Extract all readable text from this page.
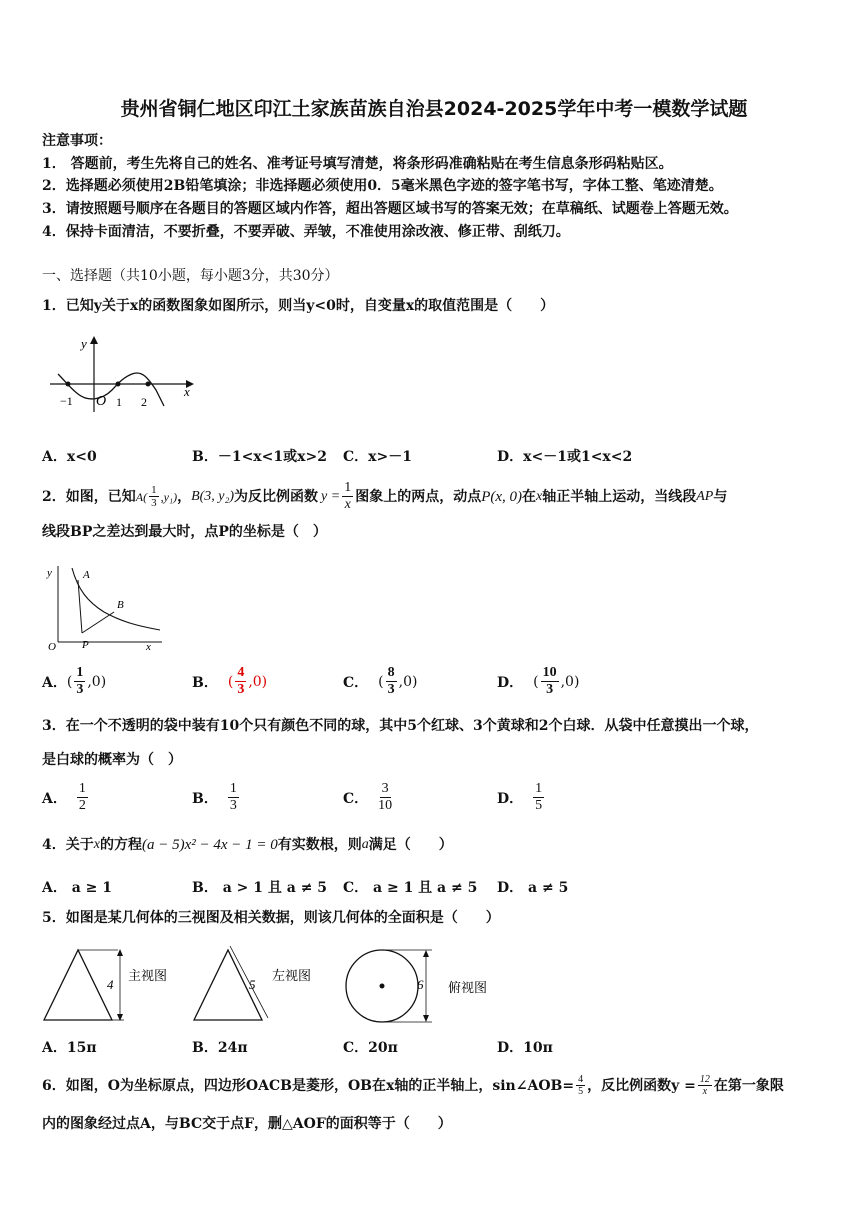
贵州省铜仁地区印江土家族苗族自治县2024-2025学年中考一模数学试题
注意事项：
1． 答题前，考生先将自己的姓名、准考证号填写清楚，将条形码准确粘贴在考生信息条形码粘贴区。
2．选择题必须使用2B铅笔填涂；非选择题必须使用0．5毫米黑色字迹的签字笔书写，字体工整、笔迹清楚。
3．请按照题号顺序在各题目的答题区域内作答，超出答题区域书写的答案无效；在草稿纸、试题卷上答题无效。
4．保持卡面清洁，不要折叠，不要弄破、弄皱，不准使用涂改液、修正带、刮纸刀。
一、选择题（共10小题，每小题3分，共30分）
1．已知y关于x的函数图象如图所示，则当y<0时，自变量x的取值范围是（　　）
y
x
O
−1	1 2
A．x<0	B．－1<x<1或x>2 C．x>－1	D．x<－1或1<x<2
2．如图，已知 $A( \frac{1}{3} ,y_1)$ ， B(3, y₂) 为反比例函数 $y = \frac{1}{x}$ 图象上的两点，动点 P(x, 0) 在 x 轴正半轴上运动，当线段 AP 与
线段BP之差达到最大时，点P的坐标是（　）
y
O	x
A
B
P
A． ( $\frac{1}{3} ,0$)	B． ( $\frac{4}{3} ,0$)	C． ( $\frac{8}{3} ,0$)	D． ( $\frac{10}{3} ,0$)
3．在一个不透明的袋中装有10个只有颜色不同的球，其中5个红球、3个黄球和2个白球．从袋中任意摸出一个球，
是白球的概率为（　）
A． $\frac{1}{2}$	B． $\frac{1}{3}$	C． $\frac{3}{10}$	D． $\frac{1}{5}$
4．关于 x 的方程 (a − 5)x² − 4x − 1 = 0 有实数根，则 a 满足（　　）
A． a ≥ 1	B． a > 1 且 a ≠ 5 C． a ≥ 1 且 a ≠ 5 D． a ≠ 5
5．如图是某几何体的三视图及相关数据，则该几何体的全面积是（　　）
4
主视图
5
左视图
6 俯视图
A．15π	B．24π	C．20π	D．10π
6．如图，O为坐标原点，四边形OACB是菱形，OB在x轴的正半轴上，sin∠AOB= $\frac{4}{5}$ ，反比例函数$y = \frac{12}{x}$ 在第一象限
内的图象经过点A，与BC交于点F，删△AOF的面积等于（　　）
